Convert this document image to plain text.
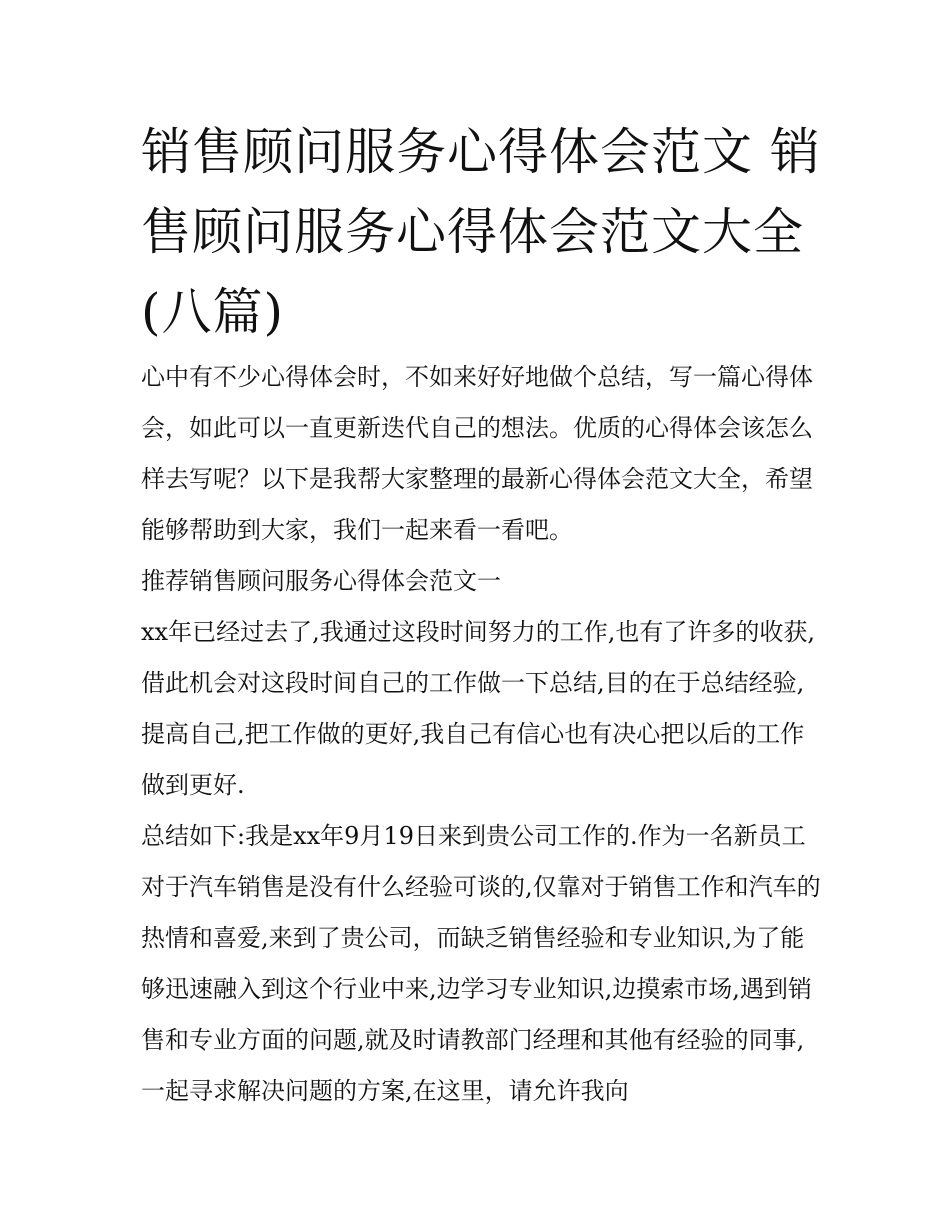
销售顾问服务心得体会范文 销售顾问服务心得体会范文大全(八篇)

心中有不少心得体会时，不如来好好地做个总结，写一篇心得体会，如此可以一直更新迭代自己的想法。优质的心得体会该怎么样去写呢？以下是我帮大家整理的最新心得体会范文大全，希望能够帮助到大家，我们一起来看一看吧。

推荐销售顾问服务心得体会范文一

xx年已经过去了,我通过这段时间努力的工作,也有了许多的收获,借此机会对这段时间自己的工作做一下总结,目的在于总结经验,提高自己,把工作做的更好,我自己有信心也有决心把以后的工作做到更好.

总结如下:我是xx年9月19日来到贵公司工作的.作为一名新员工对于汽车销售是没有什么经验可谈的,仅靠对于销售工作和汽车的热情和喜爱,来到了贵公司，而缺乏销售经验和专业知识,为了能够迅速融入到这个行业中来,边学习专业知识,边摸索市场,遇到销售和专业方面的问题,就及时请教部门经理和其他有经验的同事,一起寻求解决问题的方案,在这里，请允许我向
